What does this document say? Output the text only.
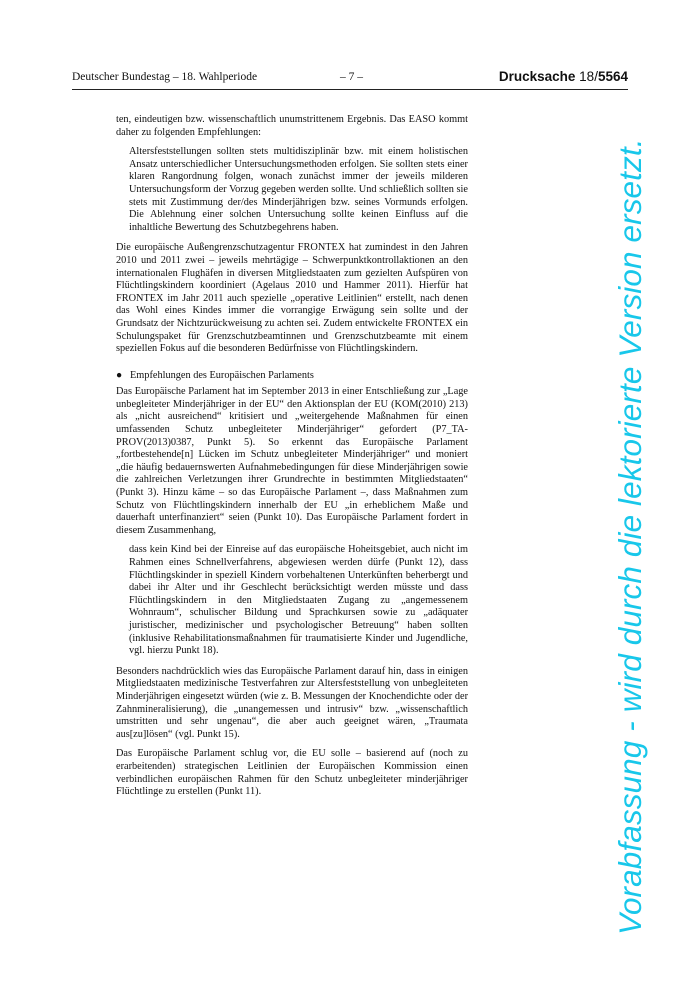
Deutscher Bundestag – 18. Wahlperiode	– 7 –	Drucksache 18/5564

ten, eindeutigen bzw. wissenschaftlich unumstrittenem Ergebnis. Das EASO kommt daher zu folgenden Empfehlungen:

Altersfeststellungen sollten stets multidisziplinär bzw. mit einem holistischen Ansatz unterschiedlicher Untersuchungsmethoden erfolgen. Sie sollten stets einer klaren Rangordnung folgen, wonach zunächst immer der jeweils milderen Untersuchungsform der Vorzug gegeben werden sollte. Und schließlich sollten sie stets mit Zustimmung der/des Minderjährigen bzw. seines Vormunds erfolgen. Die Ablehnung einer solchen Untersuchung sollte keinen Einfluss auf die inhaltliche Bewertung des Schutzbegehrens haben.

Die europäische Außengrenzschutzagentur FRONTEX hat zumindest in den Jahren 2010 und 2011 zwei – jeweils mehrtägige – Schwerpunktkontrollaktionen an den internationalen Flughäfen in diversen Mitgliedstaaten zum gezielten Aufspüren von Flüchtlingskindern koordiniert (Agelaus 2010 und Hammer 2011). Hierfür hat FRONTEX im Jahr 2011 auch spezielle „operative Leitlinien“ erstellt, nach denen das Wohl eines Kindes immer die vorrangige Erwägung sein sollte und der Grundsatz der Nichtzurückweisung zu achten sei. Zudem entwickelte FRONTEX ein Schulungspaket für Grenzschutzbeamtinnen und Grenzschutzbeamte mit einem speziellen Fokus auf die besonderen Bedürfnisse von Flüchtlingskindern.

● Empfehlungen des Europäischen Parlaments

Das Europäische Parlament hat im September 2013 in einer Entschließung zur „Lage unbegleiteter Minderjähriger in der EU“ den Aktionsplan der EU (KOM(2010) 213) als „nicht ausreichend“ kritisiert und „weitergehende Maßnahmen für einen umfassenden Schutz unbegleiteter Minderjähriger“ gefordert (P7_TA-PROV(2013)0387, Punkt 5). So erkennt das Europäische Parlament „fortbestehende[n] Lücken im Schutz unbegleiteter Minderjähriger“ und moniert „die häufig bedauernswerten Aufnahmebedingungen für diese Minderjährigen sowie die zahlreichen Verletzungen ihrer Grundrechte in bestimmten Mitgliedstaaten“ (Punkt 3). Hinzu käme – so das Europäische Parlament –, dass Maßnahmen zum Schutz von Flüchtlingskindern innerhalb der EU „in erheblichem Maße und dauerhaft unterfinanziert“ seien (Punkt 10). Das Europäische Parlament fordert in diesem Zusammenhang,

dass kein Kind bei der Einreise auf das europäische Hoheitsgebiet, auch nicht im Rahmen eines Schnellverfahrens, abgewiesen werden dürfe (Punkt 12), dass Flüchtlingskinder in speziell Kindern vorbehaltenen Unterkünften beherbergt und dabei ihr Alter und ihr Geschlecht berücksichtigt werden müsste und dass Flüchtlingskindern in den Mitgliedstaaten Zugang zu „angemessenem Wohnraum“, schulischer Bildung und Sprachkursen sowie zu „adäquater juristischer, medizinischer und psychologischer Betreuung“ haben sollten (inklusive Rehabilitationsmaßnahmen für traumatisierte Kinder und Jugendliche, vgl. hierzu Punkt 18).

Besonders nachdrücklich wies das Europäische Parlament darauf hin, dass in einigen Mitgliedstaaten medizinische Testverfahren zur Altersfeststellung von unbegleiteten Minderjährigen eingesetzt würden (wie z. B. Messungen der Knochendichte oder der Zahnmineralisierung), die „unangemessen und intrusiv“ bzw. „wissenschaftlich umstritten und sehr ungenau“, die aber auch geeignet wären, „Traumata aus[zu]lösen“ (vgl. Punkt 15).

Das Europäische Parlament schlug vor, die EU solle – basierend auf (noch zu erarbeitenden) strategischen Leitlinien der Europäischen Kommission einen verbindlichen europäischen Rahmen für den Schutz unbegleiteter minderjähriger Flüchtlinge zu erstellen (Punkt 11).	Vorabfassung - wird durch die lektorierte Version ersetzt.
